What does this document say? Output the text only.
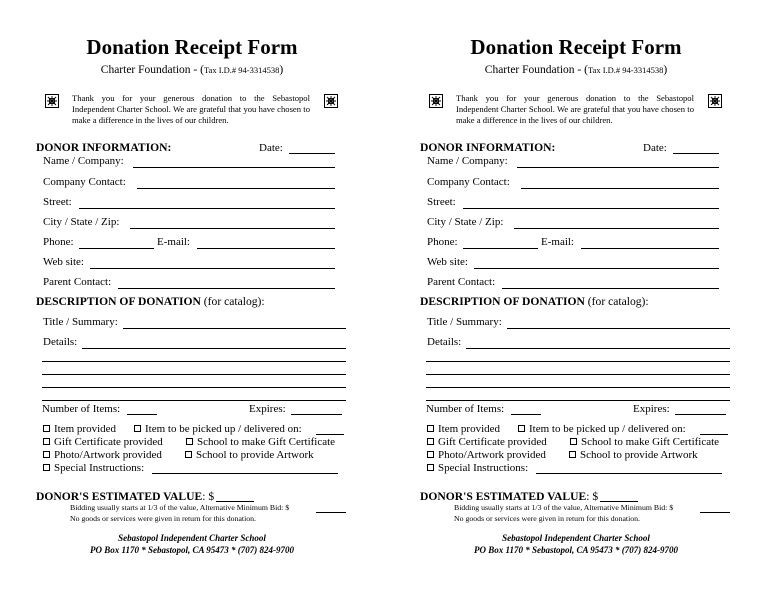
Donation Receipt Form
Charter Foundation - (Tax I.D.# 94-3314538)
Thank you for your generous donation to the Sebastopol Independent Charter School. We are grateful that you have chosen to make a difference in the lives of our children.
DONOR INFORMATION:	Date:
Name / Company:
Company Contact:
Street:
City / State / Zip:
Phone:	E-mail:
Web site:
Parent Contact:
DESCRIPTION OF DONATION (for catalog):
Title / Summary:
Details:
Number of Items:	Expires:
Item provided	Item to be picked up / delivered on:
Gift Certificate provided	School to make Gift Certificate
Photo/Artwork provided	School to provide Artwork
Special Instructions:
DONOR'S ESTIMATED VALUE: $
Bidding usually starts at 1/3 of the value, Alternative Minimum Bid: $
No goods or services were given in return for this donation.
Sebastopol Independent Charter School
PO Box 1170 * Sebastopol, CA 95473 * (707) 824-9700
Donation Receipt Form
Charter Foundation - (Tax I.D.# 94-3314538)
Thank you for your generous donation to the Sebastopol Independent Charter School. We are grateful that you have chosen to make a difference in the lives of our children.
DONOR INFORMATION:	Date:
Name / Company:
Company Contact:
Street:
City / State / Zip:
Phone:	E-mail:
Web site:
Parent Contact:
DESCRIPTION OF DONATION (for catalog):
Title / Summary:
Details:
Number of Items:	Expires:
Item provided	Item to be picked up / delivered on:
Gift Certificate provided	School to make Gift Certificate
Photo/Artwork provided	School to provide Artwork
Special Instructions:
DONOR'S ESTIMATED VALUE: $
Bidding usually starts at 1/3 of the value, Alternative Minimum Bid: $
No goods or services were given in return for this donation.
Sebastopol Independent Charter School
PO Box 1170 * Sebastopol, CA 95473 * (707) 824-9700
